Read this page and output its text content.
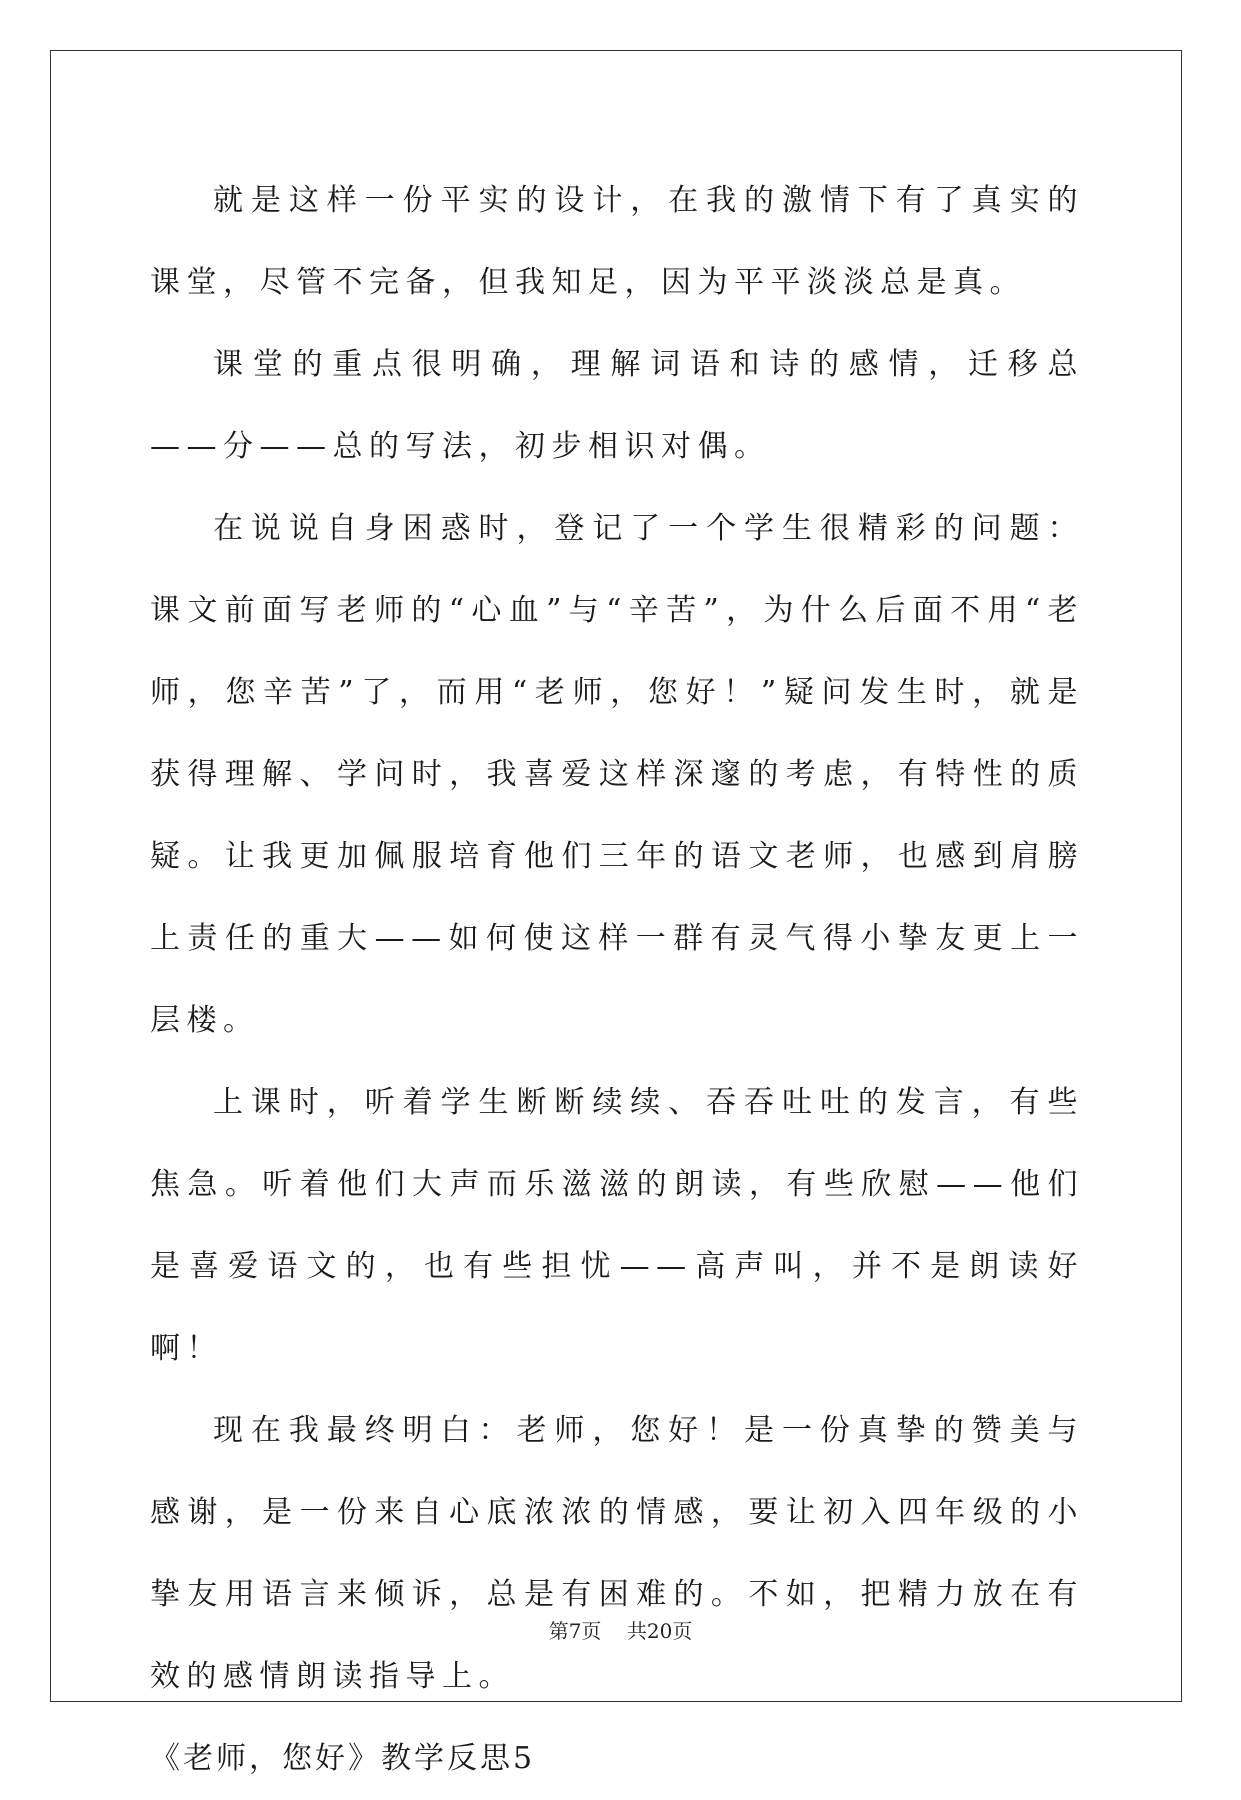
就是这样一份平实的设计，在我的激情下有了真实的课堂，尽管不完备，但我知足，因为平平淡淡总是真。

课堂的重点很明确，理解词语和诗的感情，迁移总——分——总的写法，初步相识对偶。

在说说自身困惑时，登记了一个学生很精彩的问题：课文前面写老师的“心血”与“辛苦”，为什么后面不用“老师，您辛苦”了，而用“老师，您好！”疑问发生时，就是获得理解、学问时，我喜爱这样深邃的考虑，有特性的质疑。让我更加佩服培育他们三年的语文老师，也感到肩膀上责任的重大——如何使这样一群有灵气得小挚友更上一层楼。

上课时，听着学生断断续续、吞吞吐吐的发言，有些焦急。听着他们大声而乐滋滋的朗读，有些欣慰——他们是喜爱语文的，也有些担忧——高声叫，并不是朗读好啊！

现在我最终明白：老师，您好！是一份真挚的赞美与感谢，是一份来自心底浓浓的情感，要让初入四年级的小挚友用语言来倾诉，总是有困难的。不如，把精力放在有效的感情朗读指导上。

《老师，您好》教学反思5

第7页 共20页
